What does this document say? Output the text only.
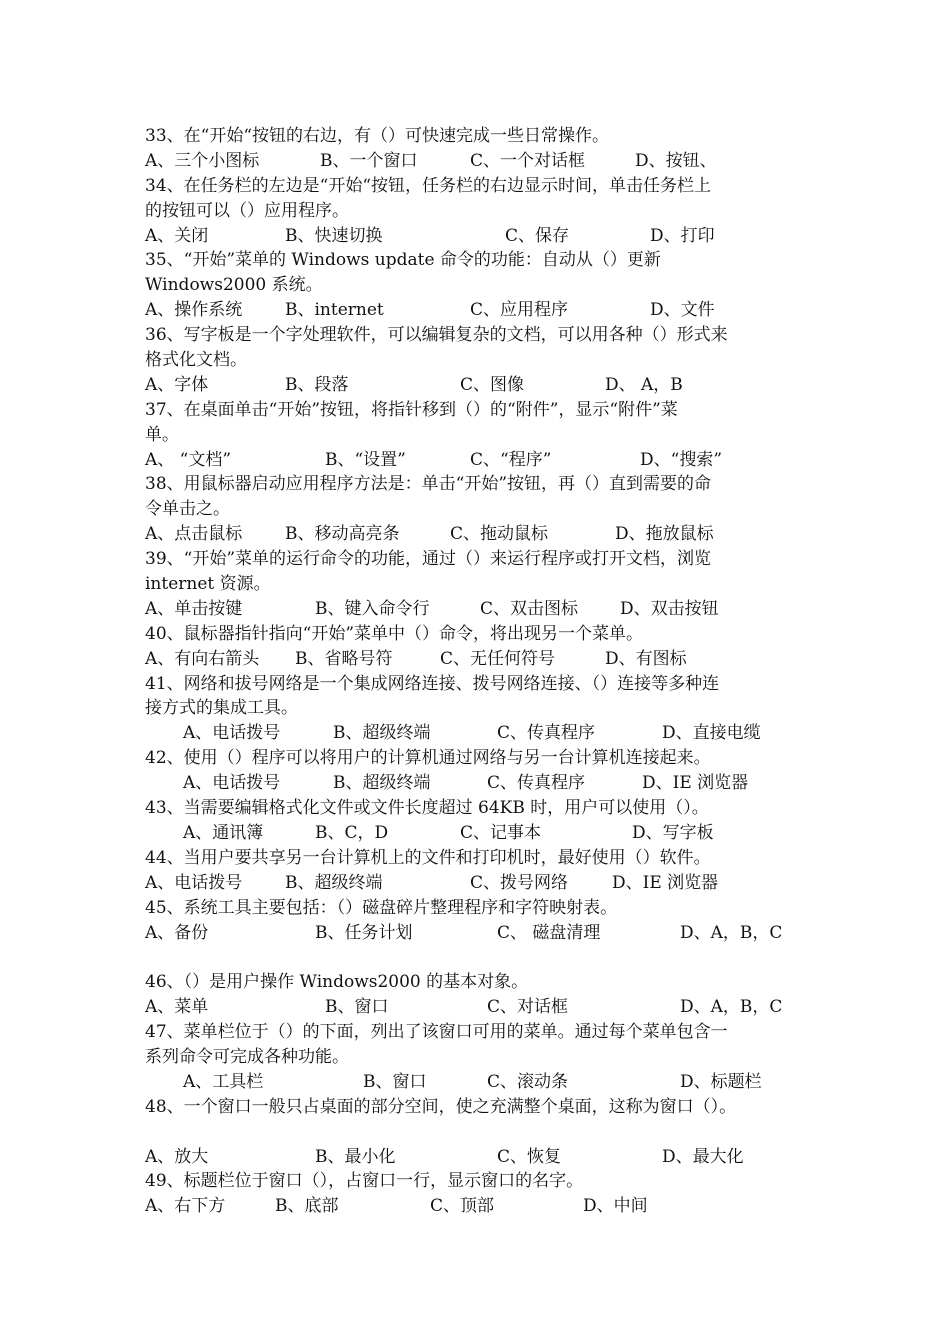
33、在“开始“按钮的右边，有（）可快速完成一些日常操作。
A、三个小图标	B、一个窗口	C、一个对话框	D、按钮、
34、在任务栏的左边是“开始“按钮，任务栏的右边显示时间，单击任务栏上
的按钮可以（）应用程序。
A、关闭	B、快速切换	C、保存	D、打印
35、“开始”菜单的 Windows update 命令的功能：自动从（）更新
Windows2000 系统。
A、操作系统	B、internet	C、应用程序	D、文件
36、写字板是一个字处理软件，可以编辑复杂的文档，可以用各种（）形式来
格式化文档。
A、字体	B、段落	C、图像	D、 A，B
37、在桌面单击“开始”按钮，将指针移到（）的“附件”，显示“附件”菜
单。
A、 “文档”	B、“设置”	C、“程序”	D、“搜索”
38、用鼠标器启动应用程序方法是：单击“开始”按钮，再（）直到需要的命
令单击之。
A、点击鼠标	B、移动高亮条	C、拖动鼠标	D、拖放鼠标
39、“开始”菜单的运行命令的功能，通过（）来运行程序或打开文档，浏览
internet 资源。
A、单击按键	B、键入命令行	C、双击图标 D、双击按钮
40、鼠标器指针指向“开始”菜单中（）命令，将出现另一个菜单。
A、有向右箭头 B、省略号符	C、无任何符号	D、有图标
41、网络和拔号网络是一个集成网络连接、拨号网络连接、（）连接等多种连
接方式的集成工具。
A、电话拨号	B、超级终端	C、传真程序	D、直接电缆
42、使用（）程序可以将用户的计算机通过网络与另一台计算机连接起来。
A、电话拨号	B、超级终端	C、传真程序	D、IE 浏览器
43、当需要编辑格式化文件或文件长度超过 64KB 时，用户可以使用（）。
A、通讯簿	B、C，D	C、记事本	D、写字板
44、当用户要共享另一台计算机上的文件和打印机时，最好使用（）软件。
A、电话拨号	B、超级终端	C、拨号网络	D、IE 浏览器
45、系统工具主要包括：（）磁盘碎片整理程序和字符映射表。
A、备份	B、任务计划	C、 磁盘清理	D、A，B，C
46、（）是用户操作 Windows2000 的基本对象。
A、菜单	B、窗口	C、对话框	D、A，B，C
47、菜单栏位于（）的下面，列出了该窗口可用的菜单。通过每个菜单包含一
系列命令可完成各种功能。
A、工具栏	B、窗口	C、滚动条	D、标题栏
48、一个窗口一般只占桌面的部分空间，使之充满整个桌面，这称为窗口（）。
A、放大	B、最小化	C、恢复	D、最大化
49、标题栏位于窗口（），占窗口一行，显示窗口的名字。
A、右下方	B、底部	C、顶部	D、中间
